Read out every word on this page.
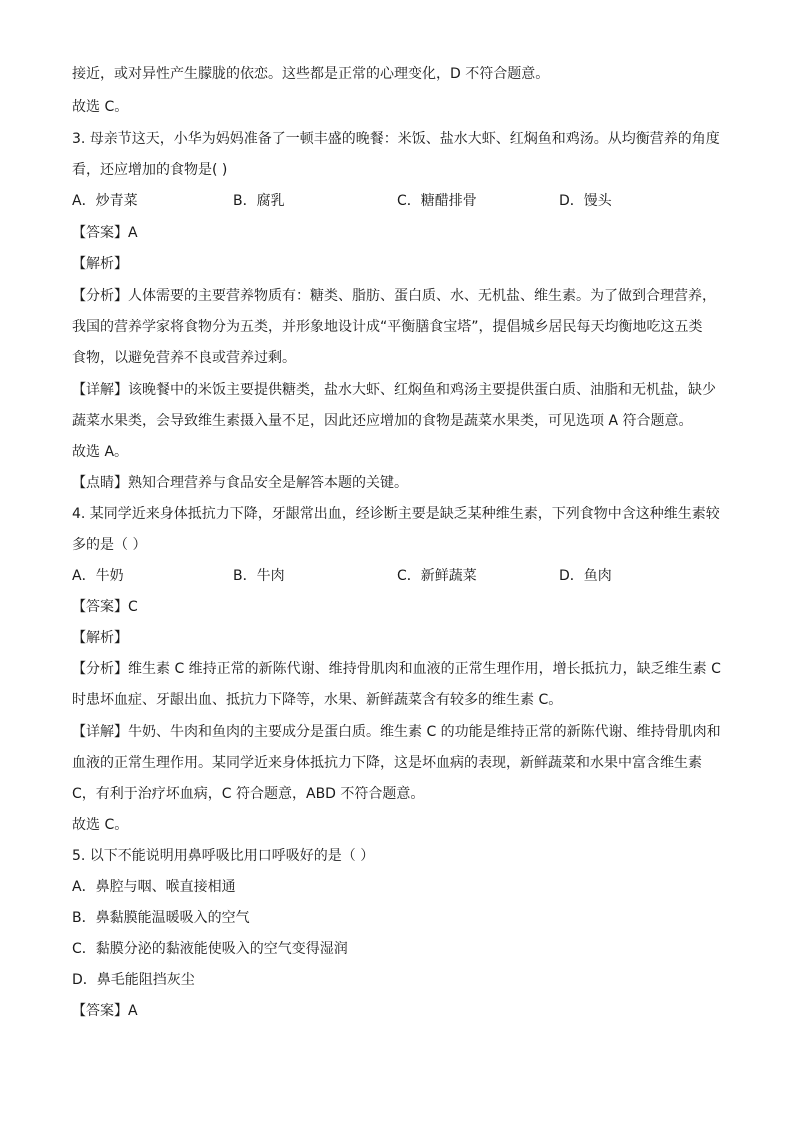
接近，或对异性产生朦胧的依恋。这些都是正常的心理变化，D 不符合题意。
故选 C。
3. 母亲节这天，小华为妈妈准备了一顿丰盛的晚餐：米饭、盐水大虾、红焖鱼和鸡汤。从均衡营养的角度
看，还应增加的食物是( )
A．炒青菜	B．腐乳	C．糖醋排骨	D．馒头
【答案】A
【解析】
【分析】人体需要的主要营养物质有：糖类、脂肪、蛋白质、水、无机盐、维生素。为了做到合理营养，
我国的营养学家将食物分为五类，并形象地设计成“平衡膳食宝塔”，提倡城乡居民每天均衡地吃这五类
食物，以避免营养不良或营养过剩。
【详解】该晚餐中的米饭主要提供糖类，盐水大虾、红焖鱼和鸡汤主要提供蛋白质、油脂和无机盐，缺少
蔬菜水果类，会导致维生素摄入量不足，因此还应增加的食物是蔬菜水果类，可见选项 A 符合题意。
故选 A。
【点睛】熟知合理营养与食品安全是解答本题的关键。
4. 某同学近来身体抵抗力下降，牙龈常出血，经诊断主要是缺乏某种维生素，下列食物中含这种维生素较
多的是（ ）
A．牛奶	B．牛肉	C．新鲜蔬菜	D．鱼肉
【答案】C
【解析】
【分析】维生素 C 维持正常的新陈代谢、维持骨肌肉和血液的正常生理作用，增长抵抗力，缺乏维生素 C
时患坏血症、牙龈出血、抵抗力下降等，水果、新鲜蔬菜含有较多的维生素 C。
【详解】牛奶、牛肉和鱼肉的主要成分是蛋白质。维生素 C 的功能是维持正常的新陈代谢、维持骨肌肉和
血液的正常生理作用。某同学近来身体抵抗力下降，这是坏血病的表现，新鲜蔬菜和水果中富含维生素
C，有利于治疗坏血病，C 符合题意，ABD 不符合题意。
故选 C。
5. 以下不能说明用鼻呼吸比用口呼吸好的是（ ）
A．鼻腔与咽、喉直接相通
B．鼻黏膜能温暖吸入的空气
C．黏膜分泌的黏液能使吸入的空气变得湿润
D．鼻毛能阻挡灰尘
【答案】A
